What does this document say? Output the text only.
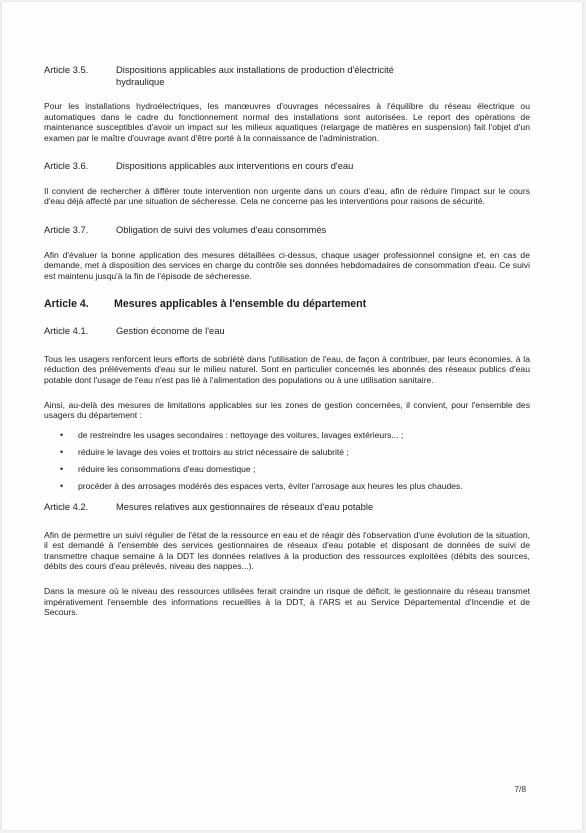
Article 3.5.	Dispositions applicables aux installations de production d'électricité
hydraulique

Pour les installations hydroélectriques, les manœuvres d'ouvrages nécessaires à l'équilibre du réseau électrique ou automatiques dans le cadre du fonctionnement normal des installations sont autorisées. Le report des opérations de maintenance susceptibles d'avoir un impact sur les milieux aquatiques (relargage de matières en suspension) fait l'objet d'un examen par le maître d'ouvrage avant d'être porté à la connaissance de l'administration.

Article 3.6.	Dispositions applicables aux interventions en cours d'eau

Il convient de rechercher à différer toute intervention non urgente dans un cours d'eau, afin de réduire l'impact sur le cours d'eau déjà affecté par une situation de sécheresse. Cela ne concerne pas les interventions pour raisons de sécurité.

Article 3.7.	Obligation de suivi des volumes d'eau consommés

Afin d'évaluer la bonne application des mesures détaillées ci-dessus, chaque usager professionnel consigne et, en cas de demande, met à disposition des services en charge du contrôle ses données hebdomadaires de consommation d'eau. Ce suivi est maintenu jusqu'à la fin de l'épisode de sécheresse.

Article 4.	Mesures applicables à l'ensemble du département
Article 4.1.	Gestion économe de l'eau

Tous les usagers renforcent leurs efforts de sobriété dans l'utilisation de l'eau, de façon à contribuer, par leurs économies, à la réduction des prélèvements d'eau sur le milieu naturel. Sont en particulier concernés les abonnés des réseaux publics d'eau potable dont l'usage de l'eau n'est pas lié à l'alimentation des populations ou à une utilisation sanitaire.

Ainsi, au-delà des mesures de limitations applicables sur les zones de gestion concernées, il convient, pour l'ensemble des usagers du département :

• de restreindre les usages secondaires : nettoyage des voitures, lavages extérieurs... ;
• réduire le lavage des voies et trottoirs au strict nécessaire de salubrité ;
• réduire les consommations d'eau domestique ;
• procéder à des arrosages modérés des espaces verts, éviter l'arrosage aux heures les plus chaudes.
Article 4.2.	Mesures relatives aux gestionnaires de réseaux d'eau potable

Afin de permettre un suivi régulier de l'état de la ressource en eau et de réagir dès l'observation d'une évolution de la situation, il est demandé à l'ensemble des services gestionnaires de réseaux d'eau potable et disposant de données de suivi de transmettre chaque semaine à la DDT les données relatives à la production des ressources exploitées (débits des sources, débits des cours d'eau prélevés, niveau des nappes...).

Dans la mesure où le niveau des ressources utilisées ferait craindre un risque de déficit, le gestionnaire du réseau transmet impérativement l'ensemble des informations recueillies à la DDT, à l'ARS et au Service Départemental d'Incendie et de Secours.

7/8
